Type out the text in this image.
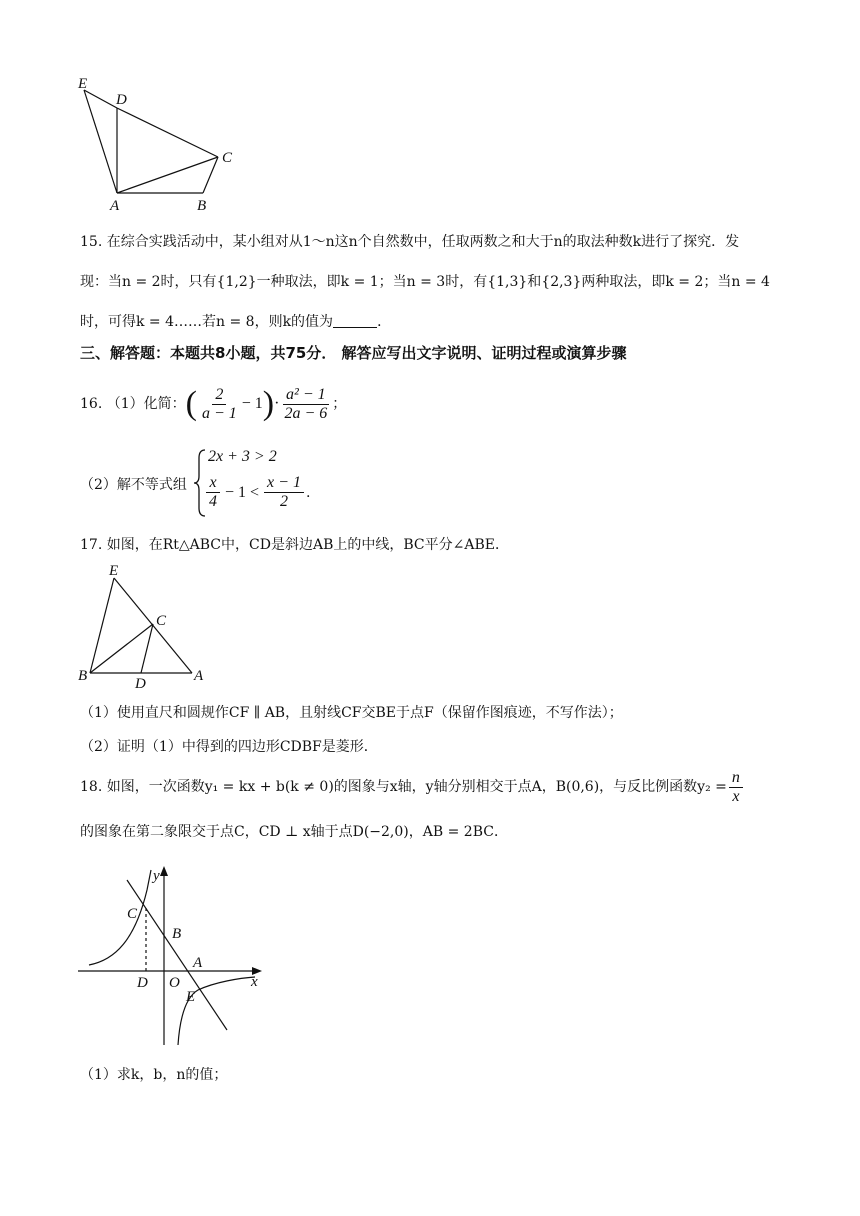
E
D
C
A	B
15. 在综合实践活动中，某小组对从1～n这n个自然数中，任取两数之和大于n的取法种数k进行了探究．发
现：当n = 2时，只有{1,2}一种取法，即k = 1；当n = 3时，有{1,3}和{2,3}两种取法，即k = 2；当n = 4
时，可得k = 4……若n = 8，则k的值为	．
三、解答题：本题共8小题，共75分． 解答应写出文字说明、证明过程或演算步骤
16. （1）化简：( $\frac{2}{a - 1} - 1)\cdot \frac{\text{a² − 1}}{2a - 6}$ ；
（2）解不等式组
2x + 3 > 2
$\frac{x}{4} - 1 < \frac{x - 1}{2}$ .
17. 如图，在Rt△ABC中，CD是斜边AB上的中线，BC平分∠ABE．
E
C
B	D	A
（1）使用直尺和圆规作CF ∥ AB，且射线CF交BE于点F（保留作图痕迹，不写作法）；
（2）证明（1）中得到的四边形CDBF是菱形．
18. 如图，一次函数y₁ = kx + b(k ≠ 0)的图象与x轴，y轴分别相交于点A，B(0,6)，与反比例函数$y_2 = \frac{n}{x}$
的图象在第二象限交于点C，CD ⊥ x轴于点D(−2,0)，AB = 2BC．
y
x
C
B
A
D O
E
（1）求k，b，n的值；
